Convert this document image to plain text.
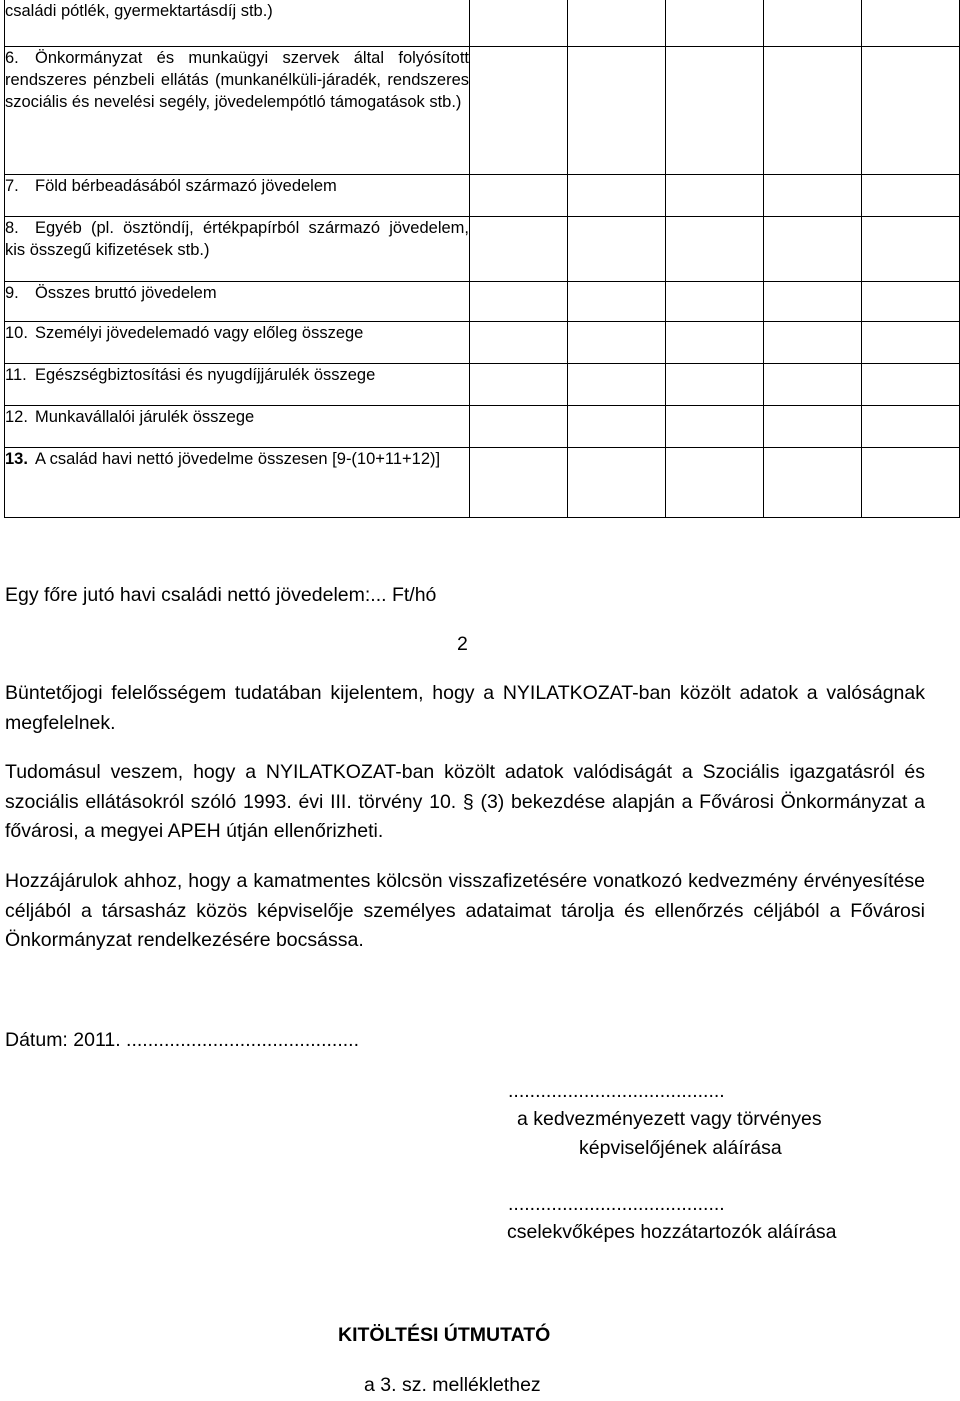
családi pótlék, gyermektartásdíj stb.)					

6. Önkormányzat és munkaügyi szervek által folyósított rendszeres pénzbeli ellátás (munkanélküli-járadék, rendszeres szociális és nevelési segély, jövedelempótló támogatások stb.)					

7. Föld bérbeadásából származó jövedelem					

8. Egyéb (pl. ösztöndíj, értékpapírból származó jövedelem, kis összegű kifizetések stb.)					

9. Összes bruttó jövedelem					

10. Személyi jövedelemadó vagy előleg összege					

11. Egészségbiztosítási és nyugdíjjárulék összege					

12. Munkavállalói járulék összege					

13. A család havi nettó jövedelme összesen [9-(10+11+12)]					

Egy főre jutó havi családi nettó jövedelem:... Ft/hó
2

Büntetőjogi felelősségem tudatában kijelentem, hogy a NYILATKOZAT-ban közölt adatok a valóságnak megfelelnek.

Tudomásul veszem, hogy a NYILATKOZAT-ban közölt adatok valódiságát a Szociális igazgatásról és szociális ellátásokról szóló 1993. évi III. törvény 10. § (3) bekezdése alapján a Fővárosi Önkormányzat a fővárosi, a megyei APEH útján ellenőrizheti.

Hozzájárulok ahhoz, hogy a kamatmentes kölcsön visszafizetésére vonatkozó kedvezmény érvényesítése céljából a társasház közös képviselője személyes adataimat tárolja és ellenőrzés céljából a Fővárosi Önkormányzat rendelkezésére bocsássa.

Dátum: 2011. ...........................................
........................................
a kedvezményezett vagy törvényes
képviselőjének aláírása
........................................
cselekvőképes hozzátartozók aláírása
KITÖLTÉSI ÚTMUTATÓ
a 3. sz. melléklethez
